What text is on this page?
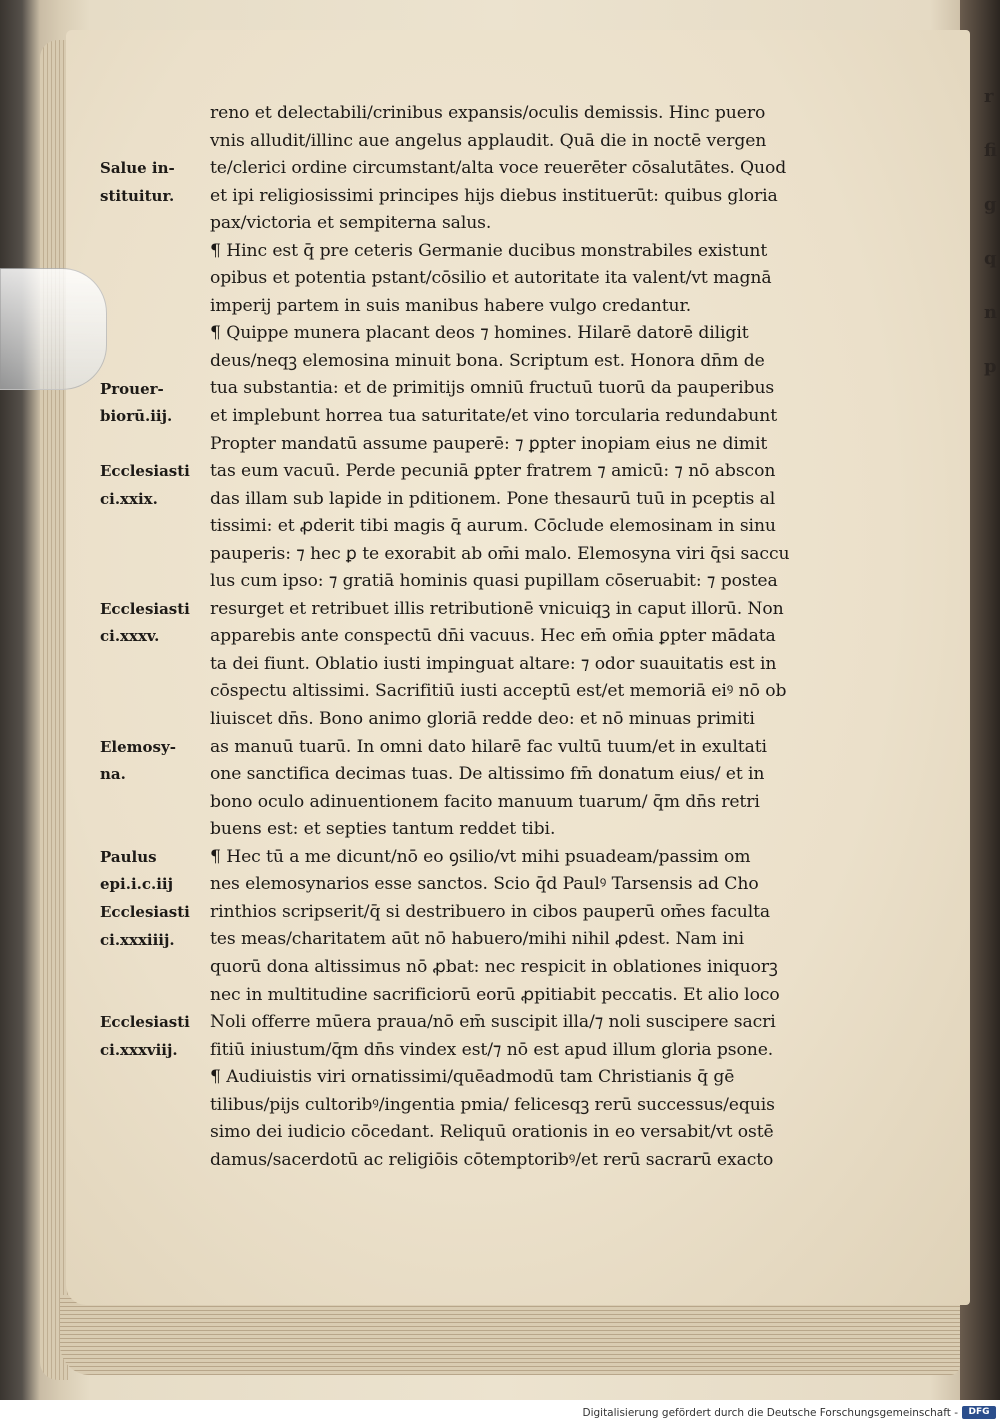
Salue in-
stituitur.
Prouer-
biorū.iij.
Ecclesiasti
ci.xxix.
Ecclesiasti
ci.xxxv.
Elemosy-
na.
Paulus
epi.i.c.iij
Ecclesiasti
ci.xxxiiij.
Ecclesiasti
ci.xxxviij.
reno et delectabili/crinibus expansis/oculis demissis. Hinc puero
vnis alludit/illinc aue angelus applaudit. Quā die in noctē vergen
te/clerici ordine circumstant/alta voce reuerēter cōsalutātes. Quod
et ipi religiosissimi principes hijs diebus instituerūt: quibus gloria
pax/victoria et sempiterna salus.
¶ Hinc est q̄ pre ceteris Germanie ducibus monstrabiles existunt
opibus et potentia pstant/cōsilio et autoritate ita valent/vt magnā
imperij partem in suis manibus habere vulgo credantur.
¶ Quippe munera placant deos ⁊ homines. Hilarē datorē diligit
deus/neqꝫ elemosina minuit bona. Scriptum est. Honora dn̄m de
tua substantia: et de primitijs omniū fructuū tuorū da pauperibus
et implebunt horrea tua saturitate/et vino torcularia redundabunt
Propter mandatū assume pauperē: ⁊ ꝑpter inopiam eius ne dimit
tas eum vacuū. Perde pecuniā ꝑpter fratrem ⁊ amicū: ⁊ nō abscon
das illam sub lapide in pditionem. Pone thesaurū tuū in pceptis al
tissimi: et ꝓderit tibi magis q̄ aurum. Cōclude elemosinam in sinu
pauperis: ⁊ hec ꝑ te exorabit ab om̄i malo. Elemosyna viri q̄si saccu
lus cum ipso: ⁊ gratiā hominis quasi pupillam cōseruabit: ⁊ postea
resurget et retribuet illis retributionē vnicuiqꝫ in caput illorū. Non
apparebis ante conspectū dn̄i vacuus. Hec em̄ om̄ia ꝑpter mādata
ta dei fiunt. Oblatio iusti impinguat altare: ⁊ odor suauitatis est in
cōspectu altissimi. Sacrifitiū iusti acceptū est/et memoriā eiꝰ nō ob
liuiscet dn̄s. Bono animo gloriā redde deo: et nō minuas primiti
as manuū tuarū. In omni dato hilarē fac vultū tuum/et in exultati
one sanctifica decimas tuas. De altissimo fm̄ donatum eius/ et in
bono oculo adinuentionem facito manuum tuarum/ q̄m dn̄s retri
buens est: et septies tantum reddet tibi.
¶ Hec tū a me dicunt/nō eo ꝯsilio/vt mihi psuadeam/passim om
nes elemosynarios esse sanctos. Scio q̄d Paulꝰ Tarsensis ad Cho
rinthios scripserit/q̄ si destribuero in cibos pauperū om̄es faculta
tes meas/charitatem aūt nō habuero/mihi nihil ꝓdest. Nam ini
quorū dona altissimus nō ꝓbat: nec respicit in oblationes iniquorꝫ
nec in multitudine sacrificiorū eorū ꝓpitiabit peccatis. Et alio loco
Noli offerre mūera praua/nō em̄ suscipit illa/⁊ noli suscipere sacri
fitiū iniustum/q̄m dn̄s vindex est/⁊ nō est apud illum gloria psone.
¶ Audiuistis viri ornatissimi/quēadmodū tam Christianis q̄ gē
tilibus/pijs cultoribꝰ/ingentia pmia/ felicesqꝫ rerū successus/equis
simo dei iudicio cōcedant. Reliquū orationis in eo versabit/vt ostē
damus/sacerdotū ac religiōis cōtemptoribꝰ/et rerū sacrarū exacto
r
fi
g
q
n
p
Digitalisierung gefördert durch die Deutsche Forschungsgemeinschaft -	DFG
